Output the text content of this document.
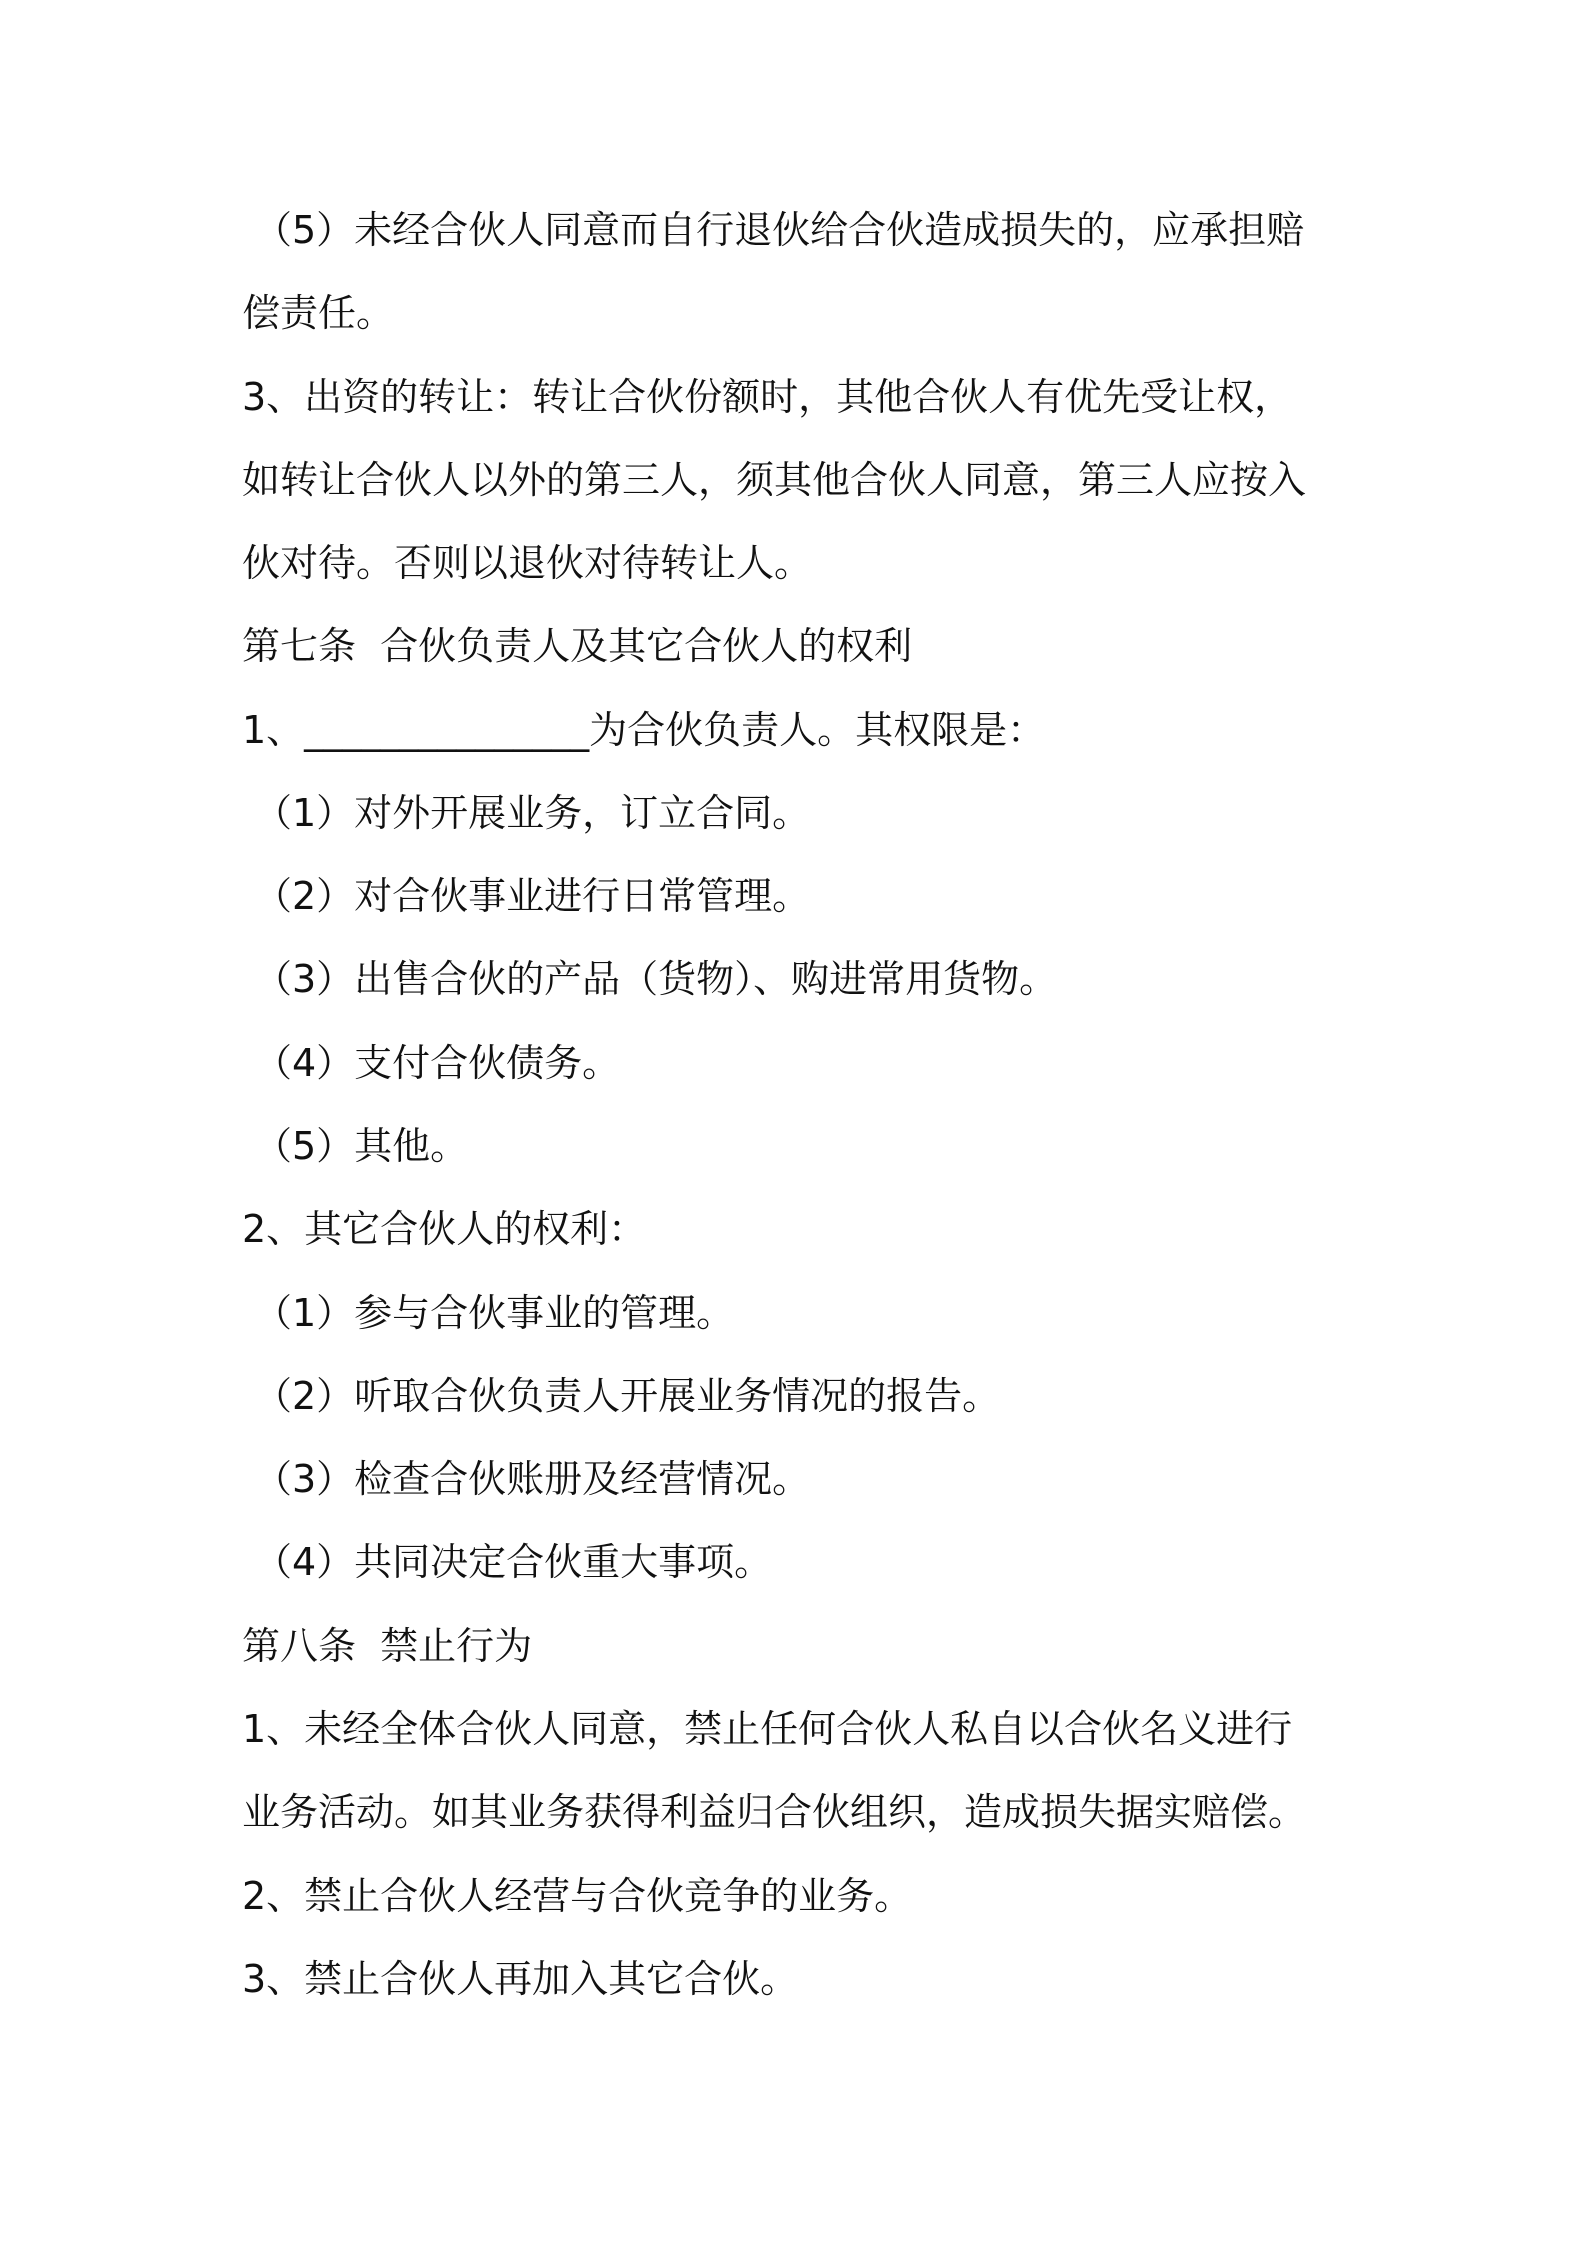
（5）未经合伙人同意而自行退伙给合伙造成损失的，应承担赔
偿责任。
3、出资的转让：转让合伙份额时，其他合伙人有优先受让权，
如转让合伙人以外的第三人，须其他合伙人同意，第三人应按入
伙对待。否则以退伙对待转让人。
第七条  合伙负责人及其它合伙人的权利
1、_______________为合伙负责人。其权限是：
（1）对外开展业务，订立合同。
（2）对合伙事业进行日常管理。
（3）出售合伙的产品（货物）、购进常用货物。
（4）支付合伙债务。
（5）其他。
2、其它合伙人的权利：
（1）参与合伙事业的管理。
（2）听取合伙负责人开展业务情况的报告。
（3）检查合伙账册及经营情况。
（4）共同决定合伙重大事项。
第八条  禁止行为
1、未经全体合伙人同意，禁止任何合伙人私自以合伙名义进行
业务活动。如其业务获得利益归合伙组织，造成损失据实赔偿。
2、禁止合伙人经营与合伙竞争的业务。
3、禁止合伙人再加入其它合伙。
